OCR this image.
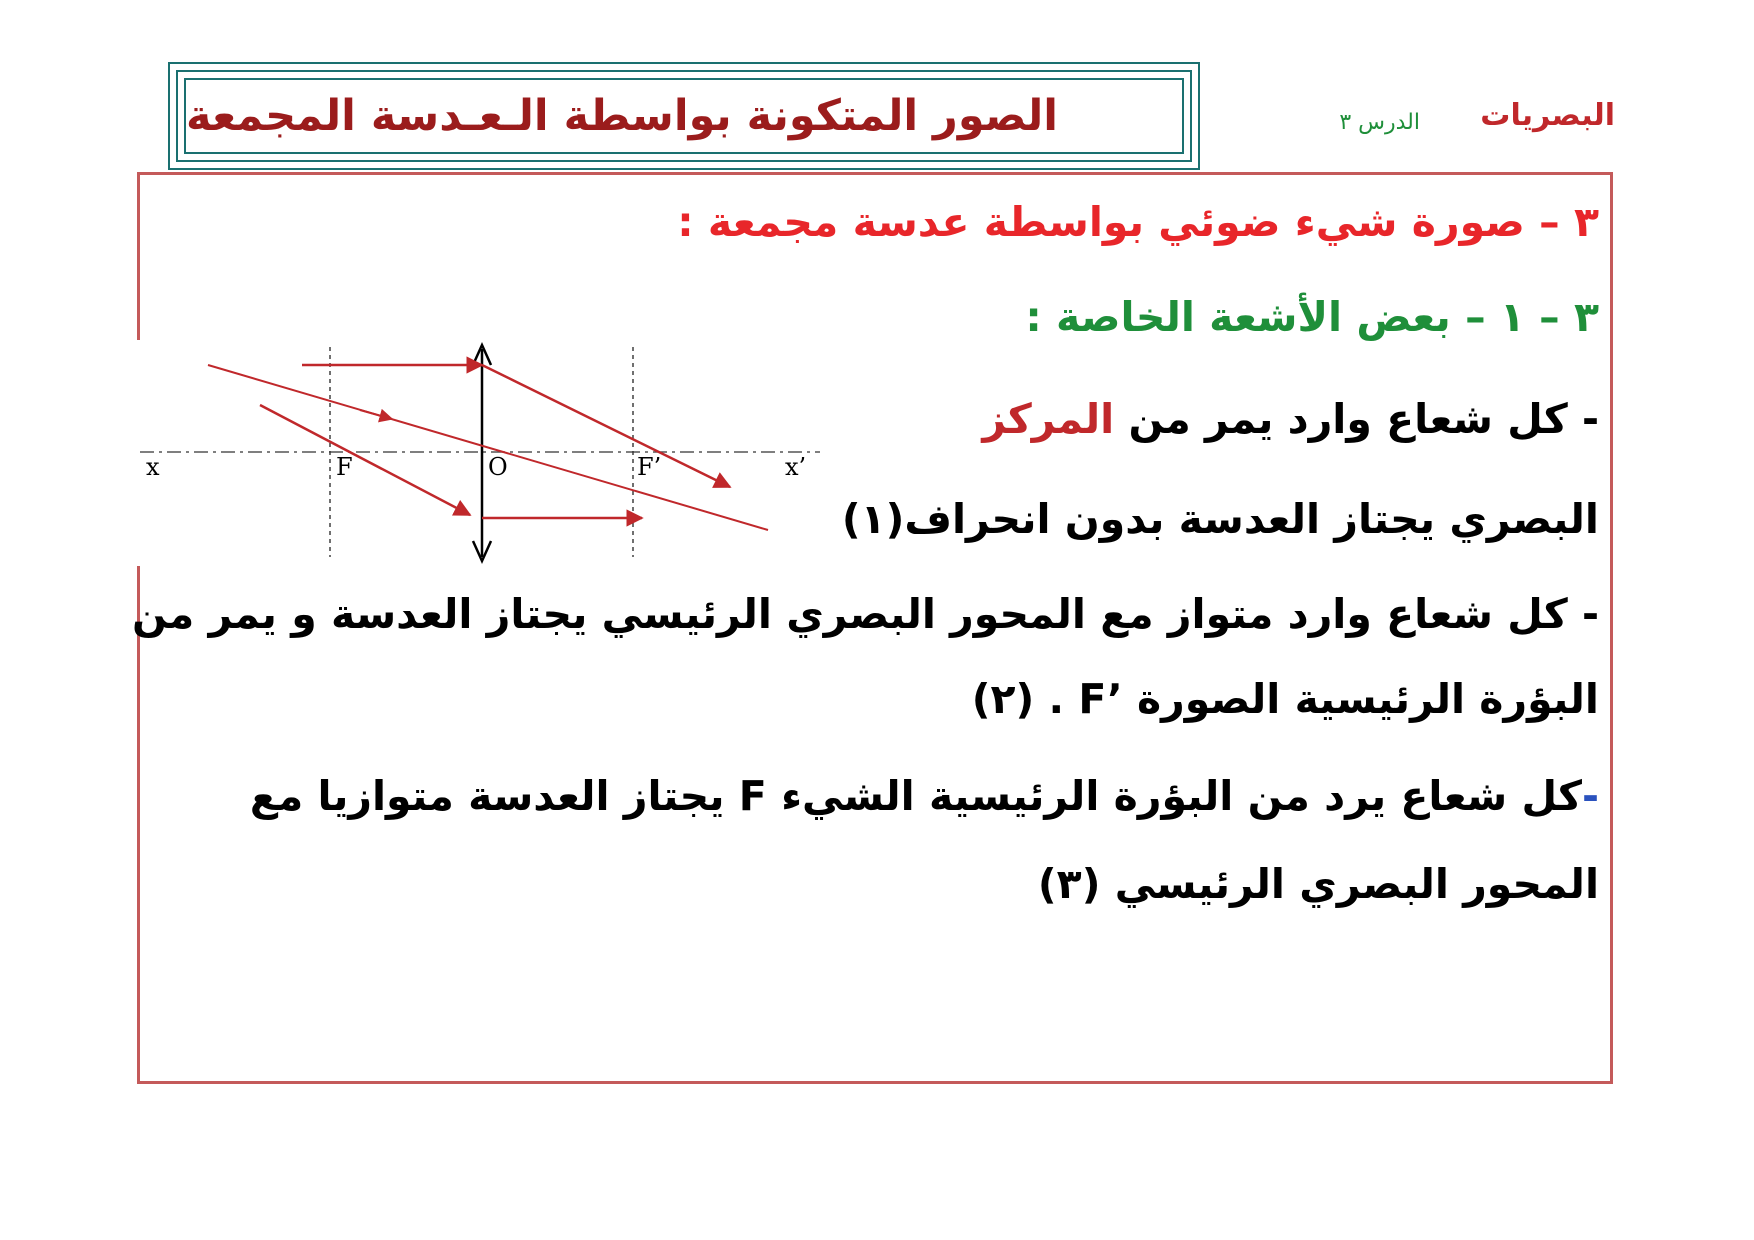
الصور المتكونة بواسطة الـعـدسة المجمعة	البصريات
الدرس ٣
٣ – صورة شيء ضوئي بواسطة عدسة مجمعة :
٣ – ١ – بعض الأشعة الخاصة :
- كل شعاع وارد يمر من المركز
البصري يجتاز العدسة بدون انحراف(١)
- كل شعاع وارد متواز مع المحور البصري الرئيسي يجتاز العدسة و يمر من
البؤرة الرئيسية الصورة F’ . (٢)
-كل شعاع يرد من البؤرة الرئيسية الشيء F يجتاز العدسة متوازيا مع
المحور البصري الرئيسي (٣)
x	F	O	F’	x’
